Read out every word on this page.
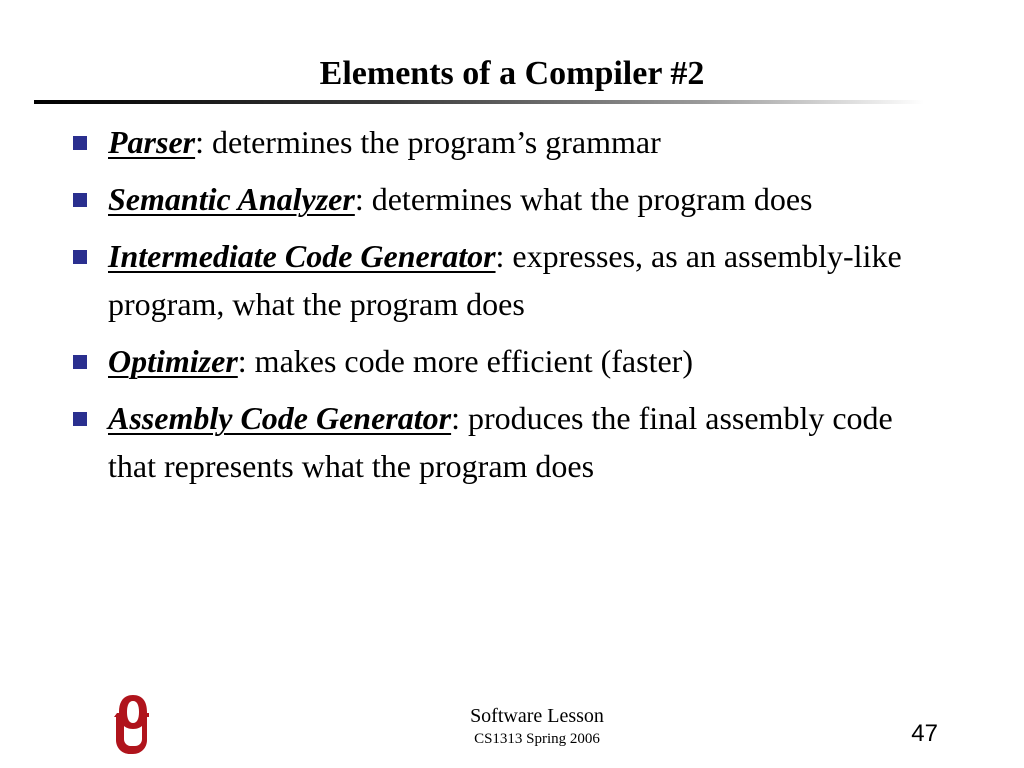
Elements of a Compiler #2
Parser: determines the program’s grammar
Semantic Analyzer: determines what the program does
Intermediate Code Generator: expresses, as an assembly-like program, what the program does
Optimizer: makes code more efficient (faster)
Assembly Code Generator: produces the final assembly code that represents what the program does
Software Lesson
CS1313 Spring 2006	47
